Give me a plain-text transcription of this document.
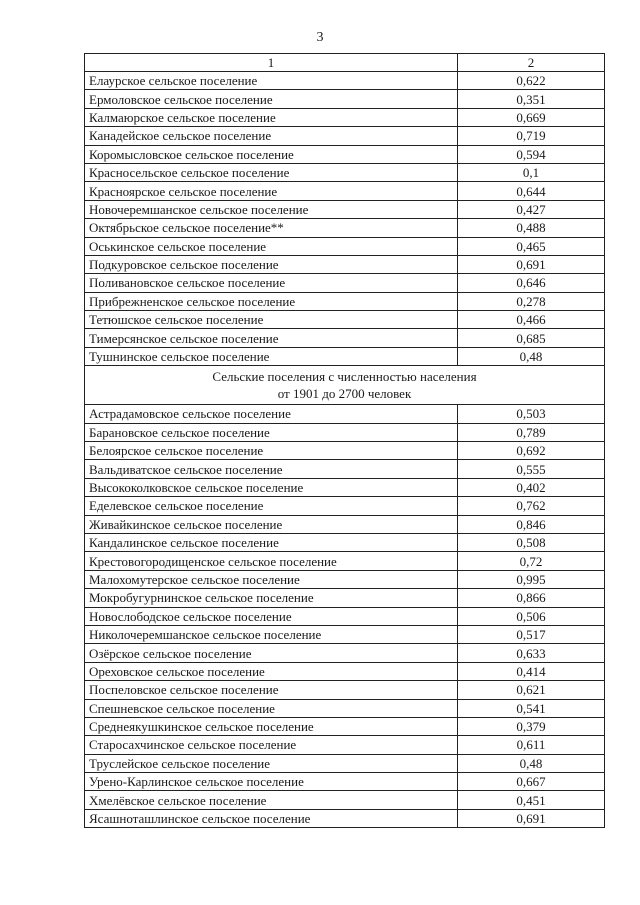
3
1	2
Елаурское сельское поселение	0,622
Ермоловское сельское поселение	0,351
Калмаюрское сельское поселение	0,669
Канадейское сельское поселение	0,719
Коромысловское сельское поселение	0,594
Красносельское сельское поселение	0,1
Красноярское сельское поселение	0,644
Новочеремшанское сельское поселение	0,427
Октябрьское сельское поселение**	0,488
Оськинское сельское поселение	0,465
Подкуровское сельское поселение	0,691
Поливановское сельское поселение	0,646
Прибрежненское сельское поселение	0,278
Тетюшское сельское поселение	0,466
Тимерсянское сельское поселение	0,685
Тушнинское сельское поселение	0,48

Сельские поселения с численностью населения
от 1901 до 2700 человек	

Астрадамовское сельское поселение	0,503
Барановское сельское поселение	0,789
Белоярское сельское поселение	0,692
Вальдиватское сельское поселение	0,555
Высококолковское сельское поселение	0,402
Еделевское сельское поселение	0,762
Живайкинское сельское поселение	0,846
Кандалинское сельское поселение	0,508
Крестовогородищенское сельское поселение	0,72
Малохомутерское сельское поселение	0,995
Мокробугурнинское сельское поселение	0,866
Новослободское сельское поселение	0,506
Николочеремшанское сельское поселение	0,517
Озёрское сельское поселение	0,633
Ореховское сельское поселение	0,414
Поспеловское сельское поселение	0,621
Спешневское сельское поселение	0,541
Среднеякушкинское сельское поселение	0,379
Старосахчинское сельское поселение	0,611
Труслейское сельское поселение	0,48
Урено-Карлинское сельское поселение	0,667
Хмелёвское сельское поселение	0,451
Ясашноташлинское сельское поселение	0,691
